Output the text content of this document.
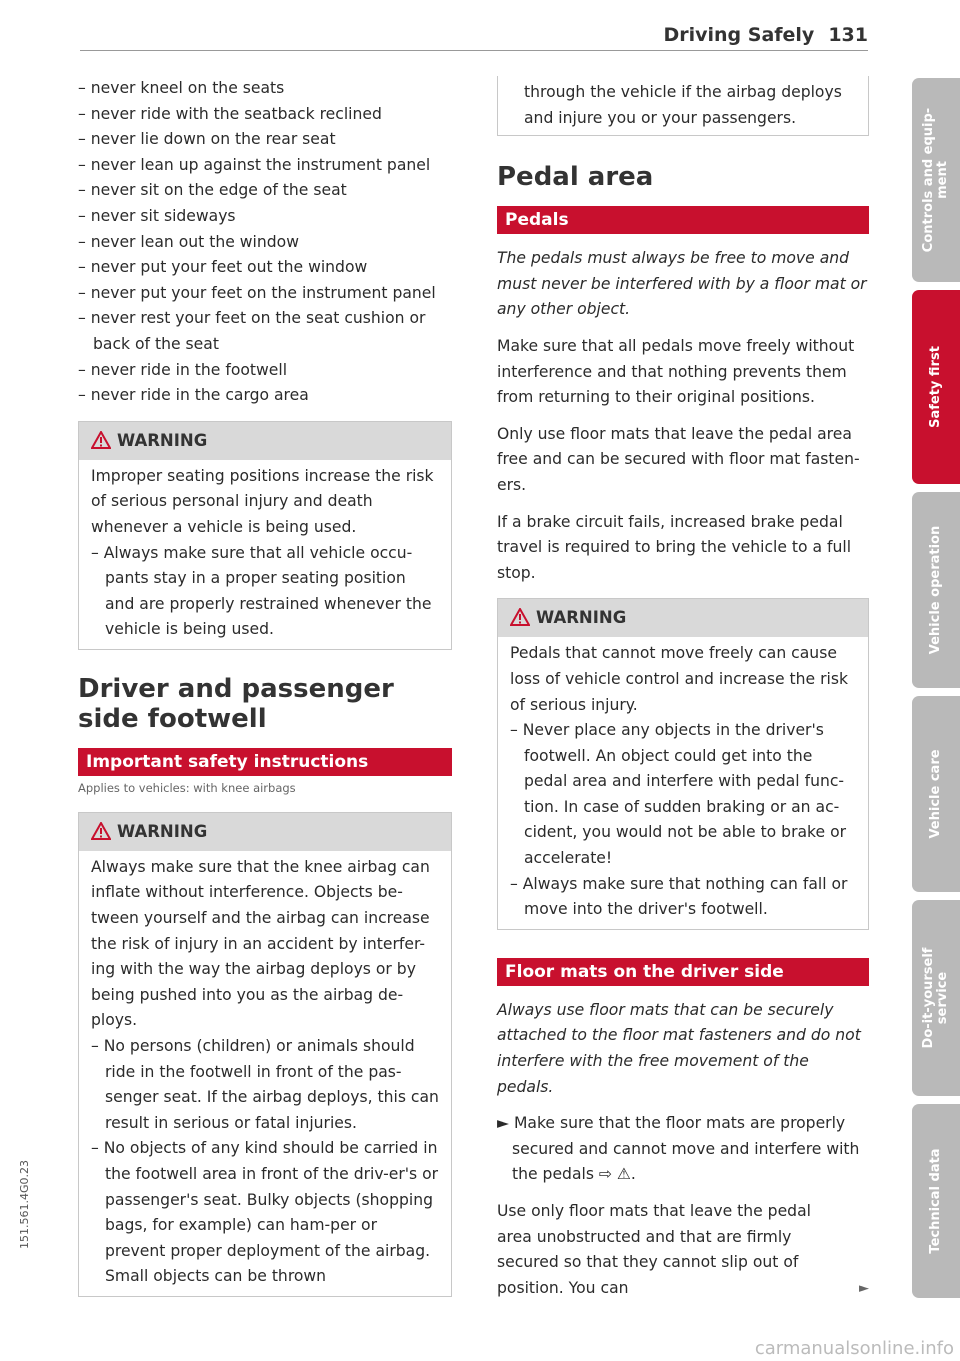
Driving Safely 131
– never kneel on the seats
– never ride with the seatback reclined
– never lie down on the rear seat
– never lean up against the instrument panel
– never sit on the edge of the seat
– never sit sideways
– never lean out the window
– never put your feet out the window
– never put your feet on the instrument panel
– never rest your feet on the seat cushion or back of the seat
– never ride in the footwell
– never ride in the cargo area
WARNING

Improper seating positions increase the risk of serious personal injury and death whenever a vehicle is being used.

– Always make sure that all vehicle occu-pants stay in a proper seating position and are properly restrained whenever the vehicle is being used.
Driver and passenger side footwell
Important safety instructions
Applies to vehicles: with knee airbags
WARNING

Always make sure that the knee airbag can inflate without interference. Objects be-tween yourself and the airbag can increase the risk of injury in an accident by interfer-ing with the way the airbag deploys or by being pushed into you as the airbag de-ploys.

– No persons (children) or animals should ride in the footwell in front of the pas-senger seat. If the airbag deploys, this can result in serious or fatal injuries.
– No objects of any kind should be carried in the footwell area in front of the driv-er's or passenger's seat. Bulky objects (shopping bags, for example) can ham-per or prevent proper deployment of the airbag. Small objects can be thrown
through the vehicle if the airbag deploys and injure you or your passengers.
Pedal area
Pedals

The pedals must always be free to move and must never be interfered with by a floor mat or any other object.

Make sure that all pedals move freely without interference and that nothing prevents them from returning to their original positions.

Only use floor mats that leave the pedal area free and can be secured with floor mat fasten-ers.

If a brake circuit fails, increased brake pedal travel is required to bring the vehicle to a full stop.

WARNING

Pedals that cannot move freely can cause loss of vehicle control and increase the risk of serious injury.

– Never place any objects in the driver's footwell. An object could get into the pedal area and interfere with pedal func-tion. In case of sudden braking or an ac-cident, you would not be able to brake or accelerate!
– Always make sure that nothing can fall or move into the driver's footwell.
Floor mats on the driver side

Always use floor mats that can be securely attached to the floor mat fasteners and do not interfere with the free movement of the pedals.

► Make sure that the floor mats are properly secured and cannot move and interfere with the pedals ⇨ ⚠.

Use only floor mats that leave the pedal area unobstructed and that are firmly secured so that they cannot slip out of position. You can	►

Controls and equip-
ment
Safety first
Vehicle operation
Vehicle care
Do-it-yourself
service
Technical data
151.561.4G0.23
carmanualsonline.info
